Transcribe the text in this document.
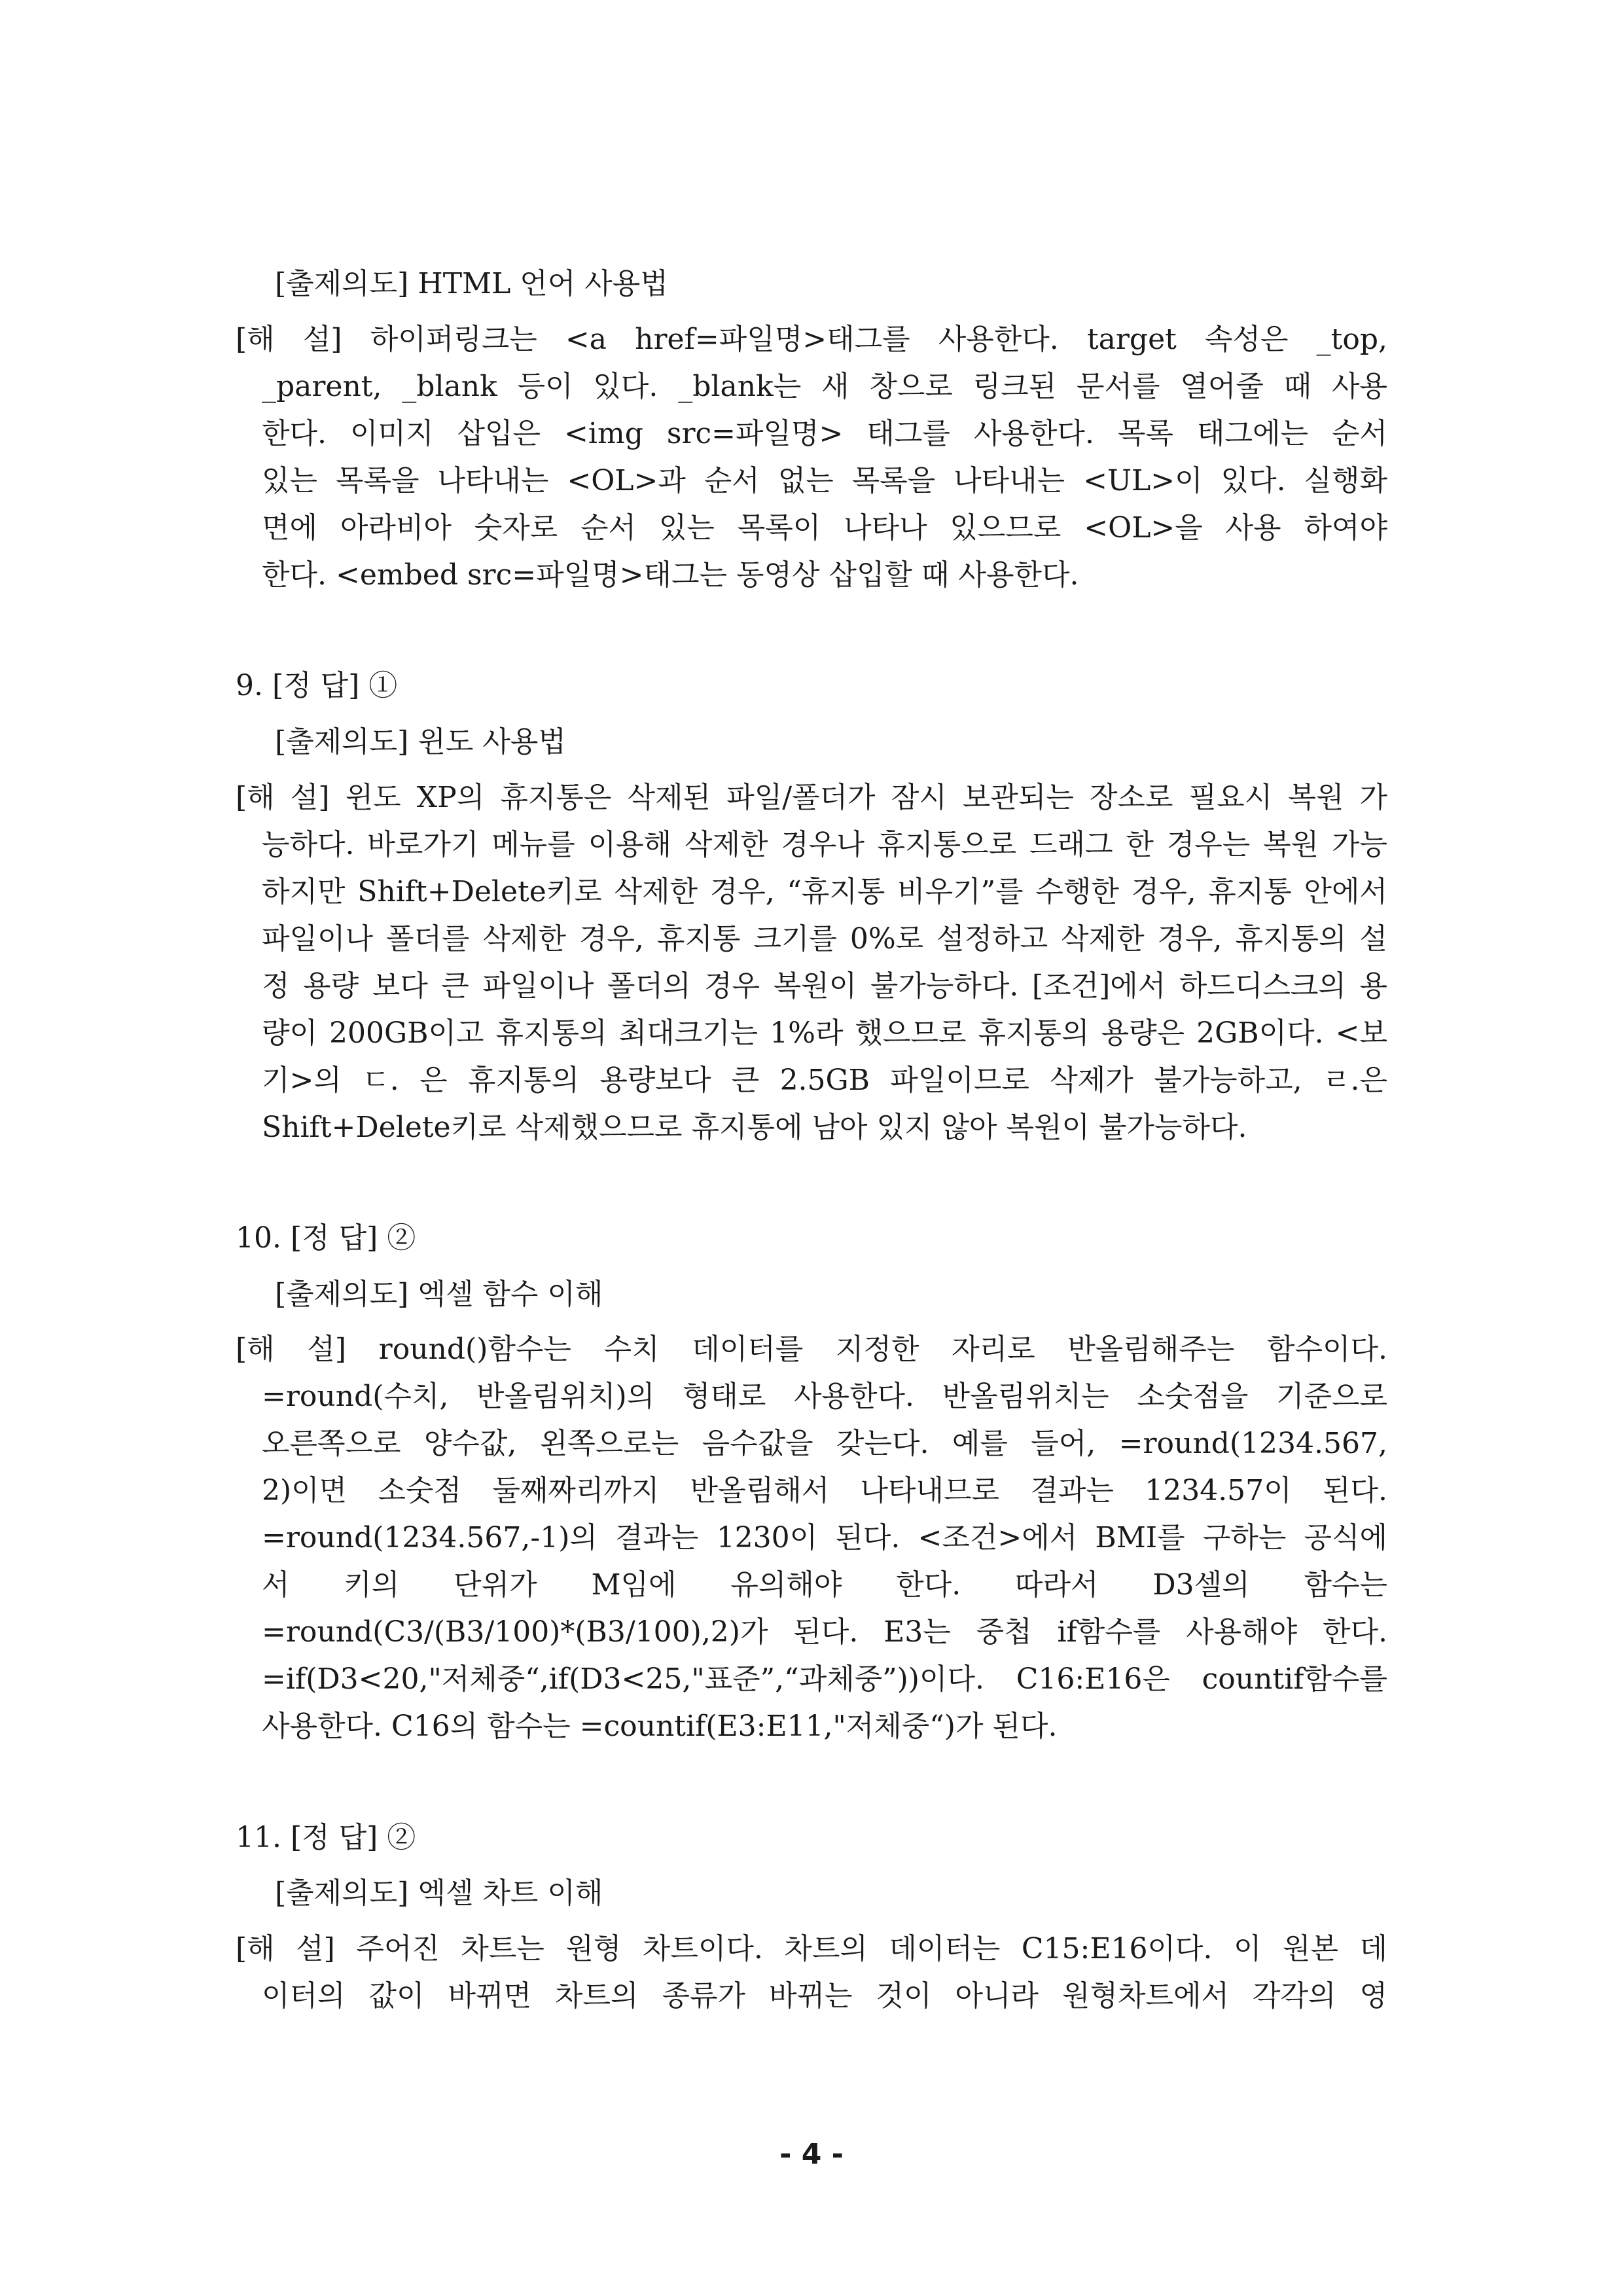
[출제의도] HTML 언어 사용법
[해 설] 하이퍼링크는 <a href=파일명>태그를 사용한다. target 속성은 _top,
_parent, _blank 등이 있다. _blank는 새 창으로 링크된 문서를 열어줄 때 사용
한다. 이미지 삽입은 <img src=파일명> 태그를 사용한다. 목록 태그에는 순서
있는 목록을 나타내는 <OL>과 순서 없는 목록을 나타내는 <UL>이 있다. 실행화
면에 아라비아 숫자로 순서 있는 목록이 나타나 있으므로 <OL>을 사용 하여야
한다. <embed src=파일명>태그는 동영상 삽입할 때 사용한다.
9. [정 답] ①
[출제의도] 윈도 사용법
[해 설] 윈도 XP의 휴지통은 삭제된 파일/폴더가 잠시 보관되는 장소로 필요시 복원 가
능하다. 바로가기 메뉴를 이용해 삭제한 경우나 휴지통으로 드래그 한 경우는 복원 가능
하지만 Shift+Delete키로 삭제한 경우, “휴지통 비우기”를 수행한 경우, 휴지통 안에서
파일이나 폴더를 삭제한 경우, 휴지통 크기를 0%로 설정하고 삭제한 경우, 휴지통의 설
정 용량 보다 큰 파일이나 폴더의 경우 복원이 불가능하다. [조건]에서 하드디스크의 용
량이 200GB이고 휴지통의 최대크기는 1%라 했으므로 휴지통의 용량은 2GB이다. <보
기>의 ㄷ. 은 휴지통의 용량보다 큰 2.5GB 파일이므로 삭제가 불가능하고, ㄹ.은
Shift+Delete키로 삭제했으므로 휴지통에 남아 있지 않아 복원이 불가능하다.
10. [정 답] ②
[출제의도] 엑셀 함수 이해
[해 설] round()함수는 수치 데이터를 지정한 자리로 반올림해주는 함수이다.
=round(수치, 반올림위치)의 형태로 사용한다. 반올림위치는 소숫점을 기준으로
오른쪽으로 양수값, 왼쪽으로는 음수값을 갖는다. 예를 들어, =round(1234.567,
2)이면 소숫점 둘째짜리까지 반올림해서 나타내므로 결과는 1234.57이 된다.
=round(1234.567,-1)의 결과는 1230이 된다. <조건>에서 BMI를 구하는 공식에
서 키의 단위가 M임에 유의해야 한다. 따라서 D3셀의 함수는
=round(C3/(B3/100)*(B3/100),2)가 된다. E3는 중첩 if함수를 사용해야 한다.
=if(D3<20,"저체중“,if(D3<25,"표준”,“과체중”))이다. C16:E16은 countif함수를
사용한다. C16의 함수는 =countif(E3:E11,"저체중“)가 된다.
11. [정 답] ②
[출제의도] 엑셀 차트 이해
[해 설] 주어진 차트는 원형 차트이다. 차트의 데이터는 C15:E16이다. 이 원본 데
이터의 값이 바뀌면 차트의 종류가 바뀌는 것이 아니라 원형차트에서 각각의 영
- 4 -
